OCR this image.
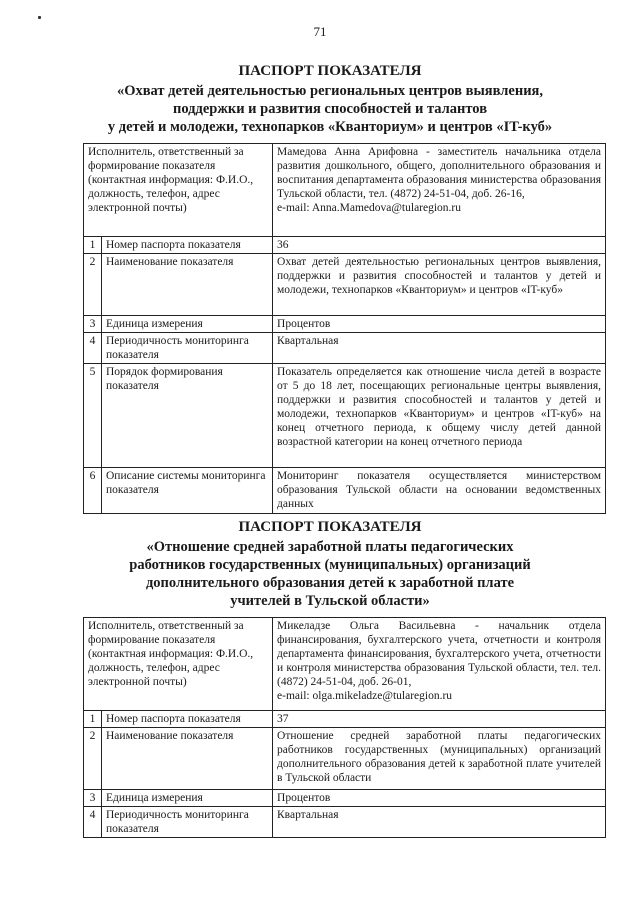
71
ПАСПОРТ ПОКАЗАТЕЛЯ
«Охват детей деятельностью региональных центров выявления,
поддержки и развития способностей и талантов
у детей и молодежи, технопарков «Кванториум» и центров «IT-куб»
Исполнитель, ответственный за формирование показателя (контактная информация: Ф.И.О., должность, телефон, адрес электронной почты)		Мамедова Анна Арифовна - заместитель начальника отдела развития дошкольного, общего, дополнительного образования и воспитания департамента образования министерства образования Тульской области, тел. (4872) 24-51-04, доб. 26-16,
e-mail: Anna.Mamedova@tularegion.ru
1	Номер паспорта показателя	36
2	Наименование показателя	Охват детей деятельностью региональных центров выявления, поддержки и развития способностей и талантов у детей и молодежи, технопарков «Кванториум» и центров «IT-куб»
3	Единица измерения	Процентов
4	Периодичность мониторинга показателя	Квартальная
5	Порядок формирования показателя	Показатель определяется как отношение числа детей в возрасте от 5 до 18 лет, посещающих региональные центры выявления, поддержки и развития способностей и талантов у детей и молодежи, технопарков «Кванториум» и центров «IT-куб» на конец отчетного периода, к общему числу детей данной возрастной категории на конец отчетного периода
6	Описание системы мониторинга показателя	Мониторинг показателя осуществляется министерством образования Тульской области на основании ведомственных данных
ПАСПОРТ ПОКАЗАТЕЛЯ
«Отношение средней заработной платы педагогических
работников государственных (муниципальных) организаций
дополнительного образования детей к заработной плате
учителей в Тульской области»
Исполнитель, ответственный за формирование показателя (контактная информация: Ф.И.О., должность, телефон, адрес электронной почты)		Микеладзе Ольга Васильевна - начальник отдела финансирования, бухгалтерского учета, отчетности и контроля департамента финансирования, бухгалтерского учета, отчетности и контроля министерства образования Тульской области, тел. тел. (4872) 24-51-04, доб. 26-01,
e-mail: olga.mikeladze@tularegion.ru
1	Номер паспорта показателя	37
2	Наименование показателя	Отношение средней заработной платы педагогических работников государственных (муниципальных) организаций дополнительного образования детей к заработной плате учителей в Тульской области
3	Единица измерения	Процентов
4	Периодичность мониторинга показателя	Квартальная
